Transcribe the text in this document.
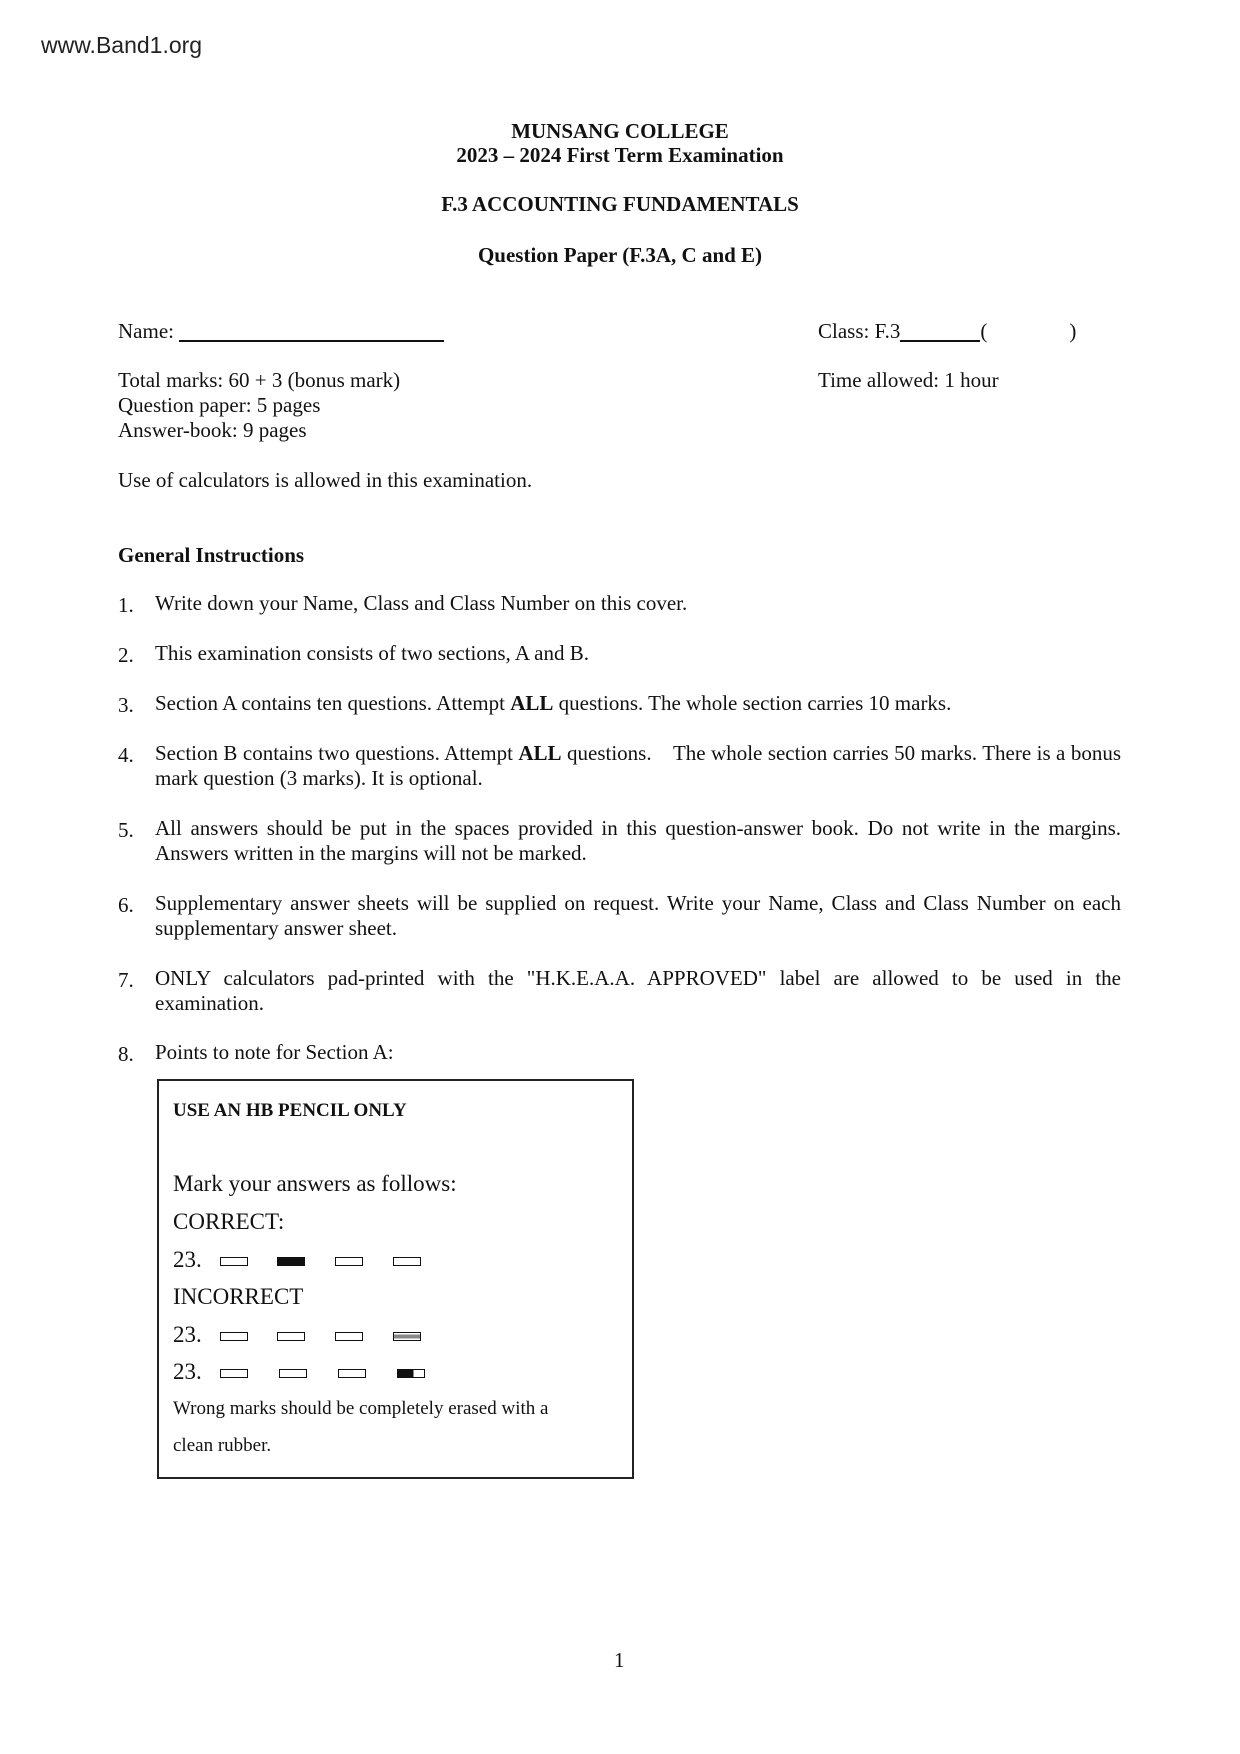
www.Band1.org
MUNSANG COLLEGE
2023 – 2024 First Term Examination
F.3 ACCOUNTING FUNDAMENTALS
Question Paper (F.3A, C and E)
Name:	Class: F.3	(	)
Total marks: 60 + 3 (bonus mark)	Time allowed: 1 hour
Question paper: 5 pages
Answer-book: 9 pages
Use of calculators is allowed in this examination.
General Instructions
1. Write down your Name, Class and Class Number on this cover.
2. This examination consists of two sections, A and B.
3. Section A contains ten questions. Attempt ALL questions. The whole section carries 10 marks.
4. Section B contains two questions. Attempt ALL questions.    The whole section carries 50 marks. There is a bonus mark question (3 marks). It is optional.
5. All answers should be put in the spaces provided in this question-answer book. Do not write in the margins. Answers written in the margins will not be marked.
6. Supplementary answer sheets will be supplied on request. Write your Name, Class and Class Number on each supplementary answer sheet.
7. ONLY calculators pad-printed with the "H.K.E.A.A. APPROVED" label are allowed to be used in the examination.
8. Points to note for Section A:
USE AN HB PENCIL ONLY
Mark your answers as follows:
CORRECT:
23.
INCORRECT
23.
23.
Wrong marks should be completely erased with a
clean rubber.
1
